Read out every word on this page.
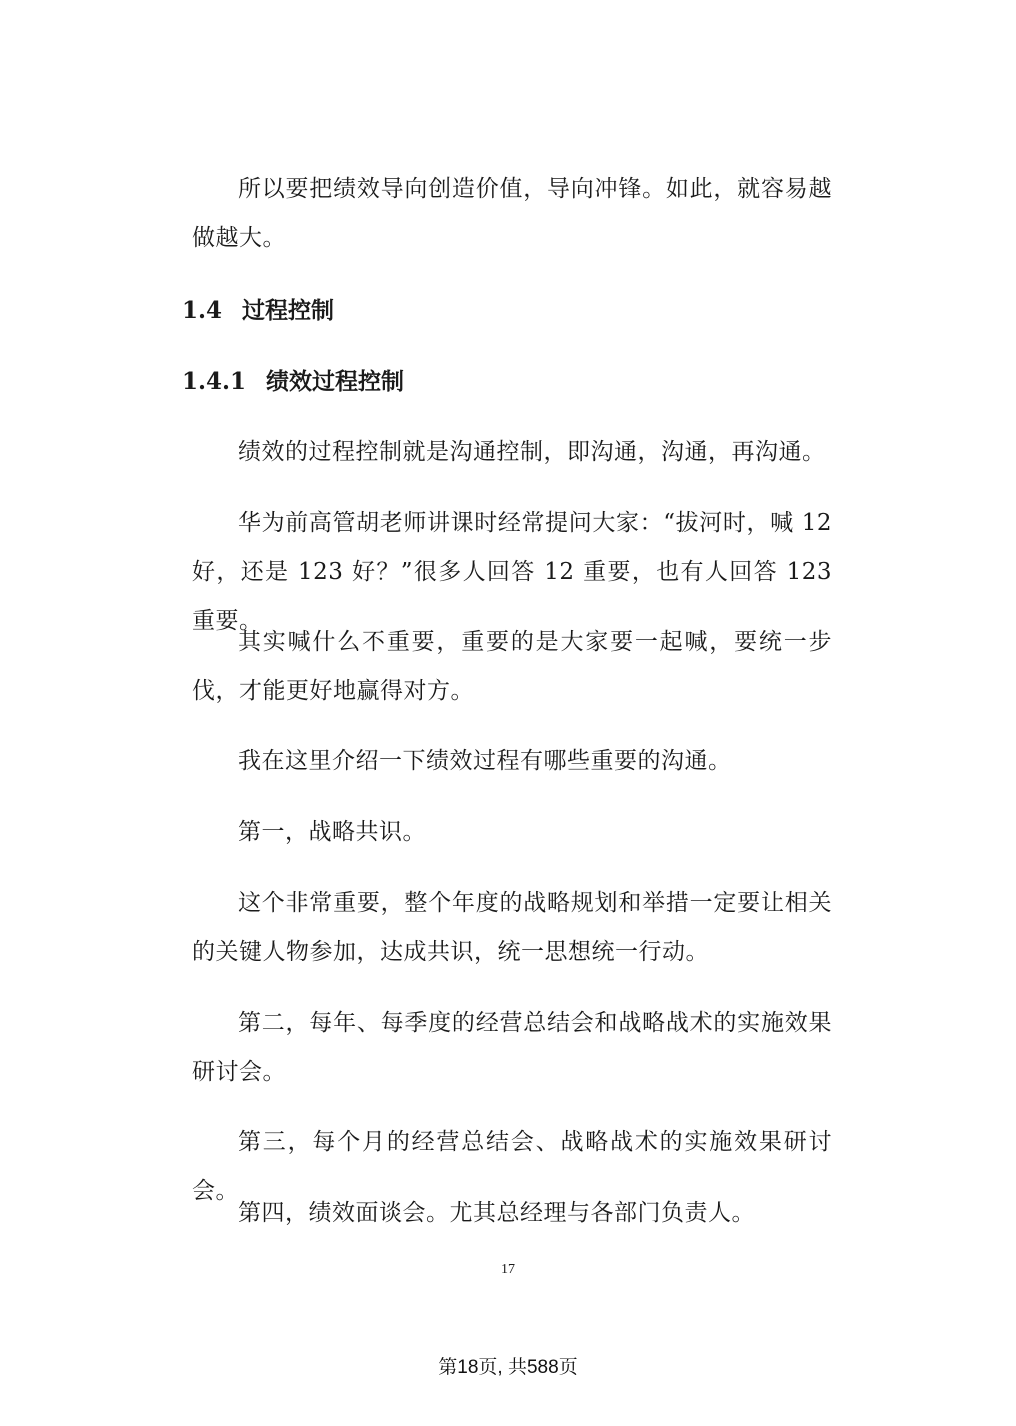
所以要把绩效导向创造价值，导向冲锋。如此，就容易越做越大。

1.4 过程控制
1.4.1 绩效过程控制

绩效的过程控制就是沟通控制，即沟通，沟通，再沟通。

华为前高管胡老师讲课时经常提问大家：“拔河时，喊 12 好，还是 123 好？”很多人回答 12 重要，也有人回答 123 重要。

其实喊什么不重要，重要的是大家要一起喊，要统一步伐，才能更好地赢得对方。

我在这里介绍一下绩效过程有哪些重要的沟通。

第一，战略共识。

这个非常重要，整个年度的战略规划和举措一定要让相关的关键人物参加，达成共识，统一思想统一行动。

第二，每年、每季度的经营总结会和战略战术的实施效果研讨会。

第三，每个月的经营总结会、战略战术的实施效果研讨会。

第四，绩效面谈会。尤其总经理与各部门负责人。

17
第18页, 共588页
